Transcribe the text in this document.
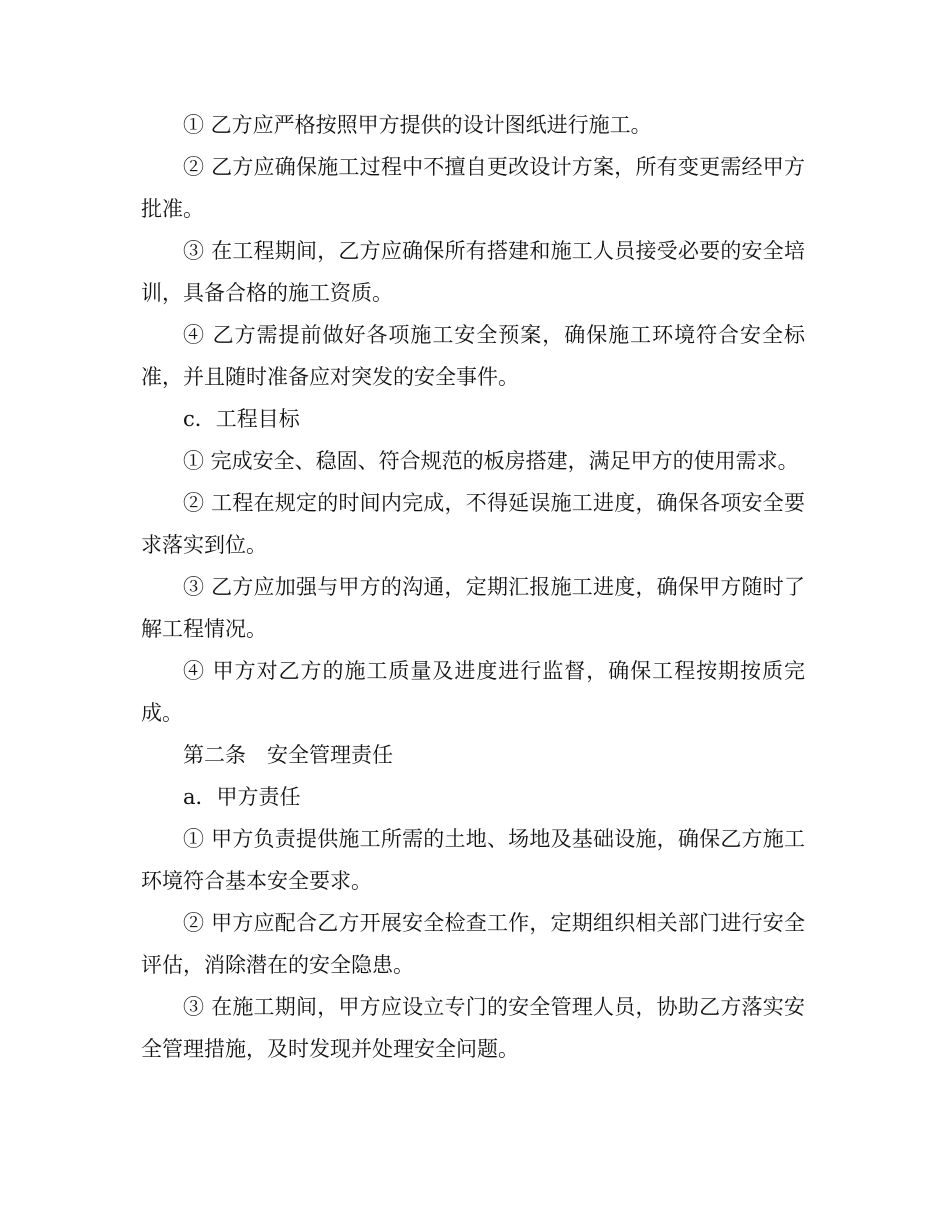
① 乙方应严格按照甲方提供的设计图纸进行施工。

② 乙方应确保施工过程中不擅自更改设计方案，所有变更需经甲方批准。

③ 在工程期间，乙方应确保所有搭建和施工人员接受必要的安全培训，具备合格的施工资质。

④ 乙方需提前做好各项施工安全预案，确保施工环境符合安全标准，并且随时准备应对突发的安全事件。

c．工程目标

① 完成安全、稳固、符合规范的板房搭建，满足甲方的使用需求。

② 工程在规定的时间内完成，不得延误施工进度，确保各项安全要求落实到位。

③ 乙方应加强与甲方的沟通，定期汇报施工进度，确保甲方随时了解工程情况。

④ 甲方对乙方的施工质量及进度进行监督，确保工程按期按质完成。

第二条　安全管理责任

a．甲方责任

① 甲方负责提供施工所需的土地、场地及基础设施，确保乙方施工环境符合基本安全要求。

② 甲方应配合乙方开展安全检查工作，定期组织相关部门进行安全评估，消除潜在的安全隐患。

③ 在施工期间，甲方应设立专门的安全管理人员，协助乙方落实安全管理措施，及时发现并处理安全问题。
